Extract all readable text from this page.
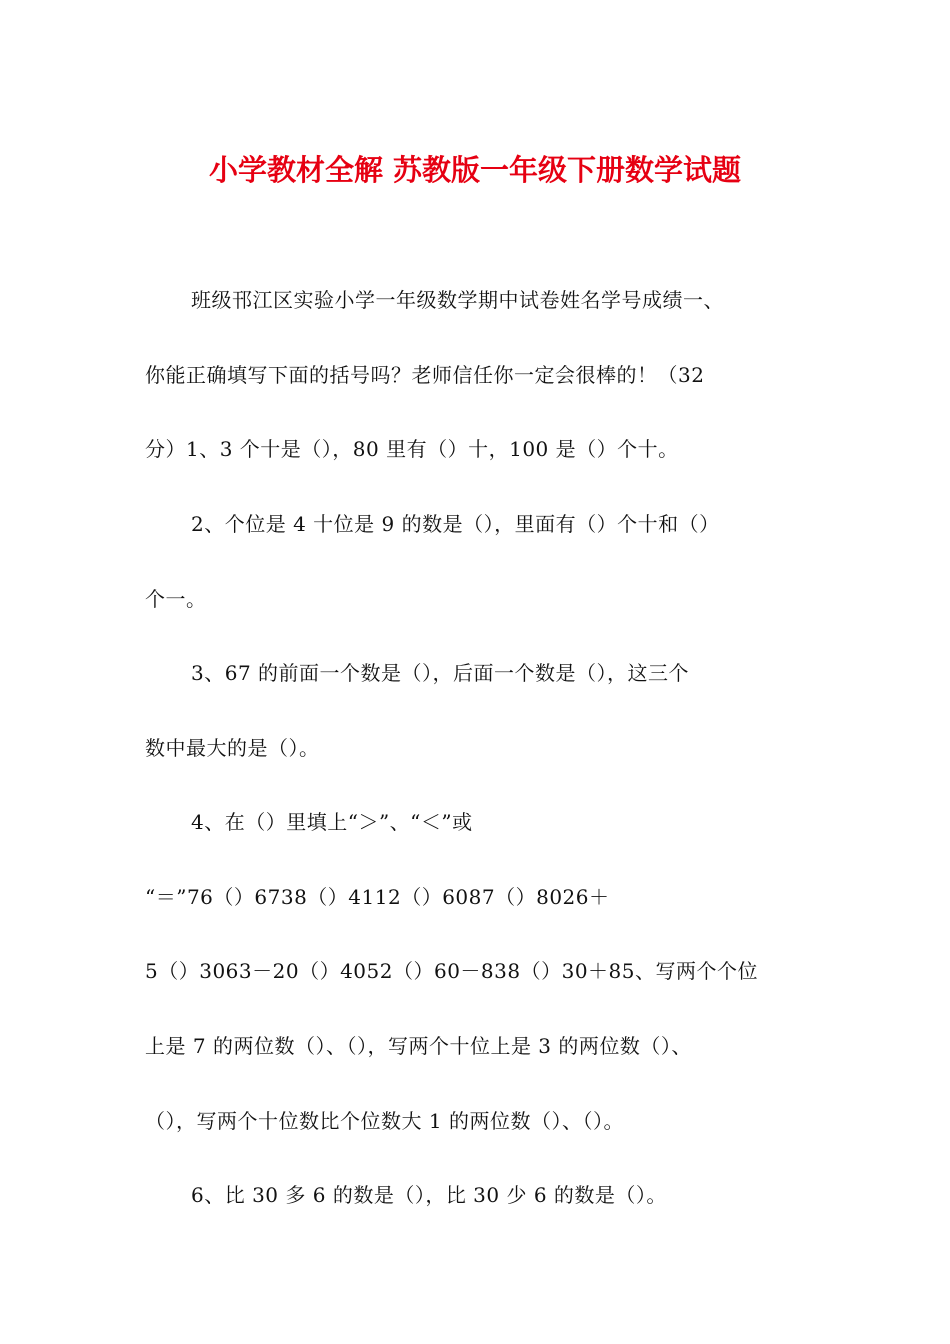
小学教材全解 苏教版一年级下册数学试题
班级邗江区实验小学一年级数学期中试卷姓名学号成绩一、
你能正确填写下面的括号吗？老师信任你一定会很棒的！（32
分）1、3 个十是（），80 里有（）十，100 是（）个十。
2、个位是 4 十位是 9 的数是（），里面有（）个十和（）
个一。
3、67 的前面一个数是（），后面一个数是（），这三个
数中最大的是（）。
4、在（）里填上“＞”、“＜”或
“＝”76（）6738（）4112（）6087（）8026＋
5（）3063－20（）4052（）60－838（）30＋85、写两个个位
上是 7 的两位数（）、（），写两个十位上是 3 的两位数（）、
（），写两个十位数比个位数大 1 的两位数（）、（）。
6、比 30 多 6 的数是（），比 30 少 6 的数是（）。
